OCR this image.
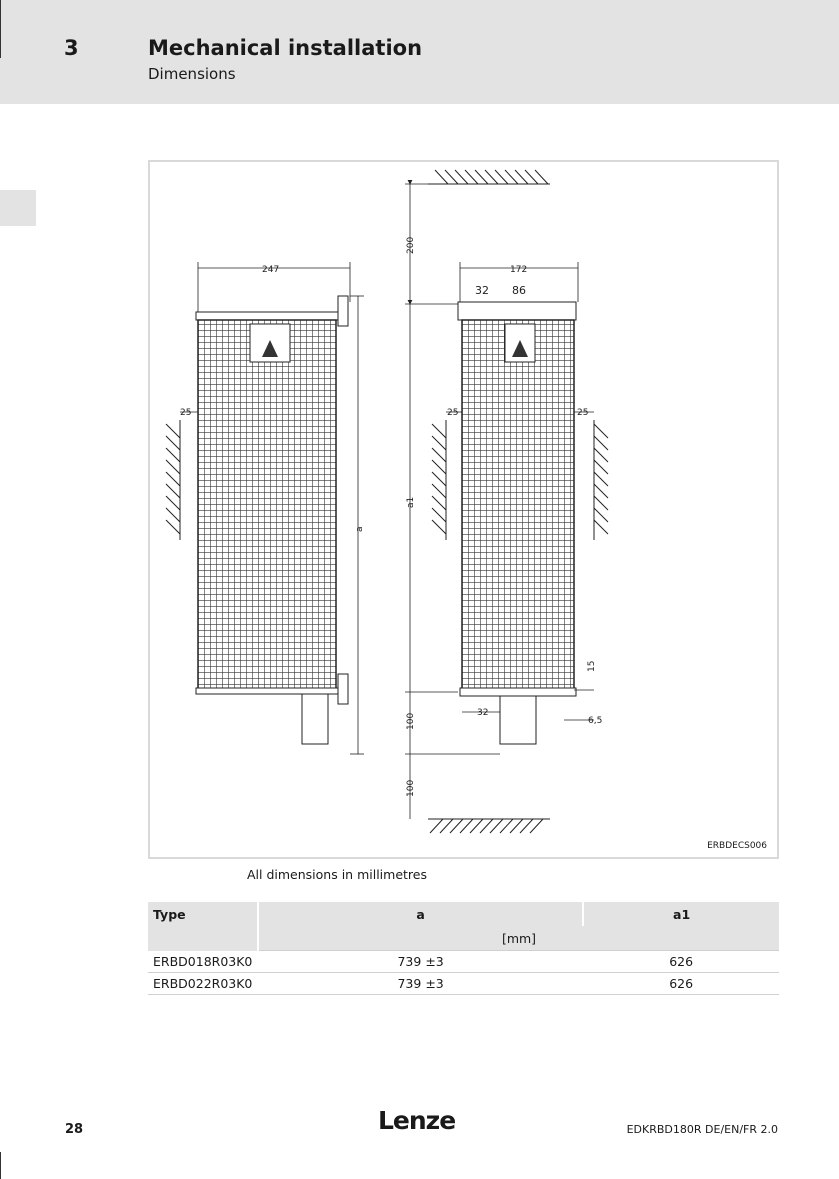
3	Mechanical installation
Dimensions
247	172
32 86
25	25	25
200
a
a1
100
100
32
15
6,5
ERBDECS006
All dimensions in millimetres
Type	a	a1
	[mm]	
ERBD018R03K0	739 ±3	626
ERBD022R03K0	739 ±3	626
28	Lenze	EDKRBD180R DE/EN/FR 2.0
